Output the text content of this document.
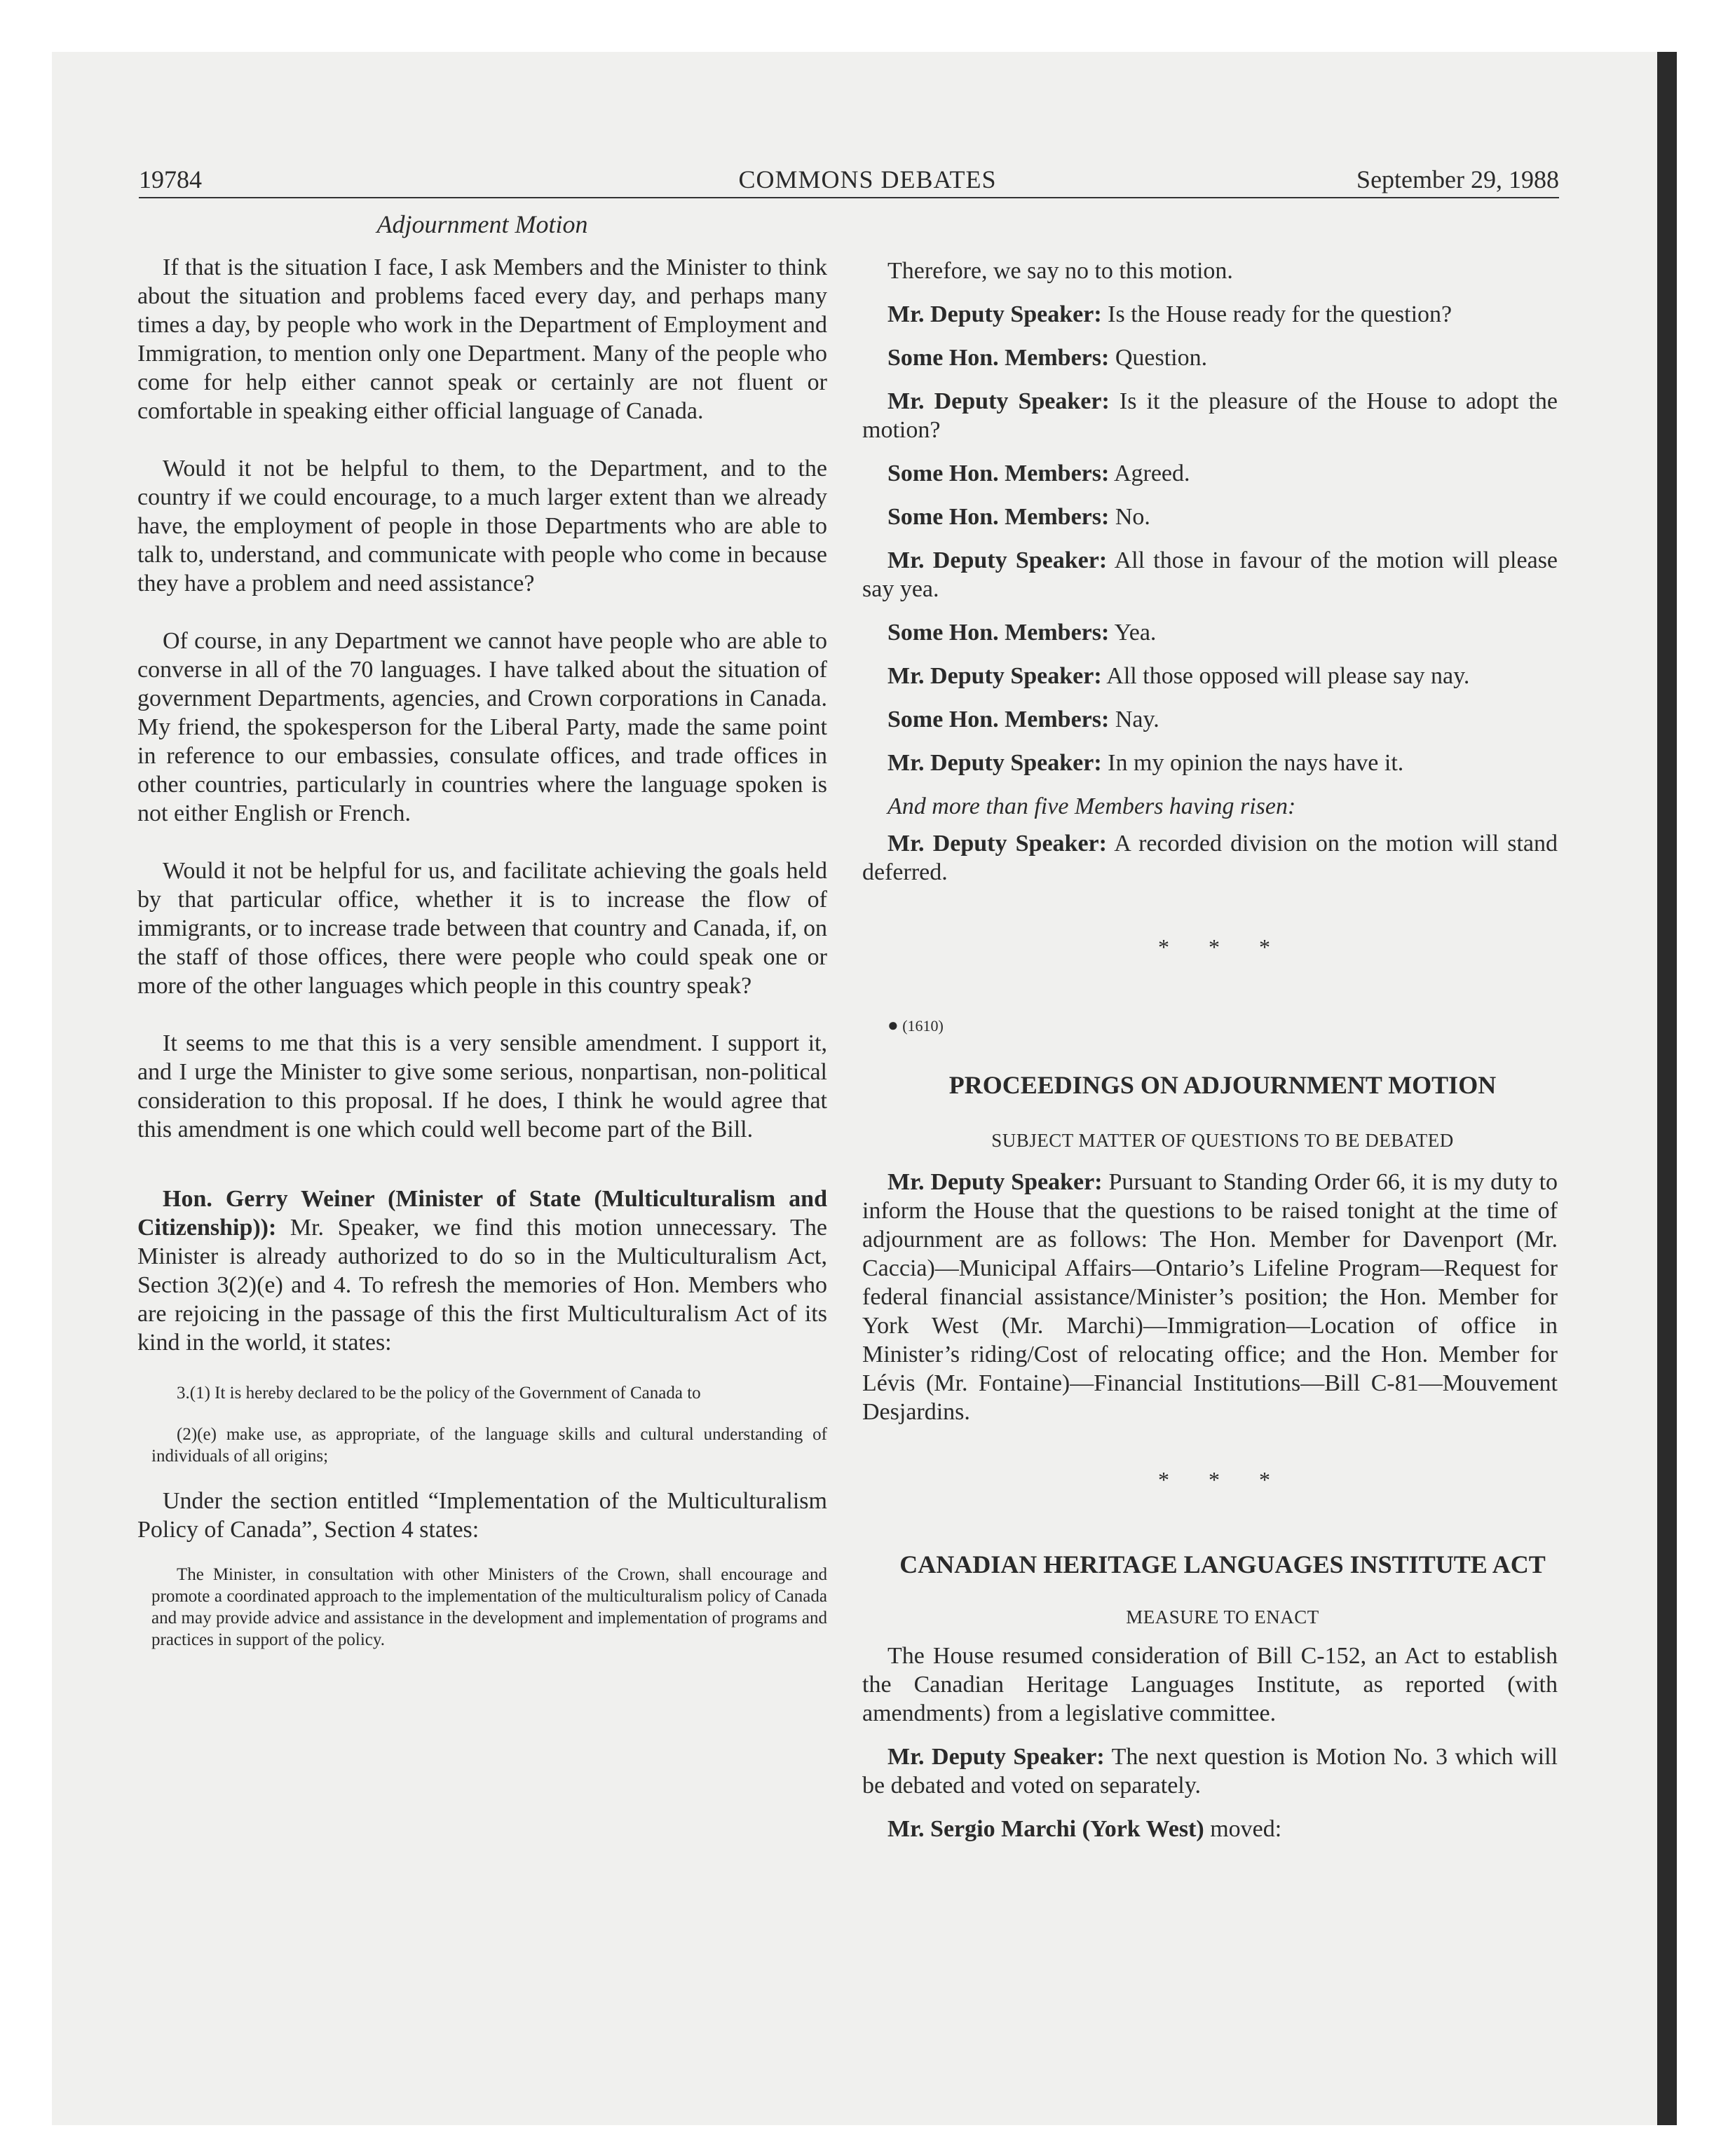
19784	COMMONS DEBATES	September 29, 1988

Adjournment Motion

If that is the situation I face, I ask Members and the Minister to think about the situation and problems faced every day, and perhaps many times a day, by people who work in the Department of Employment and Immigration, to mention only one Department. Many of the people who come for help either cannot speak or certainly are not fluent or comfortable in speaking either official language of Canada.

Would it not be helpful to them, to the Department, and to the country if we could encourage, to a much larger extent than we already have, the employment of people in those Departments who are able to talk to, understand, and communicate with people who come in because they have a problem and need assistance?

Of course, in any Department we cannot have people who are able to converse in all of the 70 languages. I have talked about the situation of government Departments, agencies, and Crown corporations in Canada. My friend, the spokesperson for the Liberal Party, made the same point in reference to our embassies, consulate offices, and trade offices in other countries, particularly in countries where the language spoken is not either English or French.

Would it not be helpful for us, and facilitate achieving the goals held by that particular office, whether it is to increase the flow of immigrants, or to increase trade between that country and Canada, if, on the staff of those offices, there were people who could speak one or more of the other languages which people in this country speak?

It seems to me that this is a very sensible amendment. I support it, and I urge the Minister to give some serious, nonpartisan, non-political consideration to this proposal. If he does, I think he would agree that this amendment is one which could well become part of the Bill.

Hon. Gerry Weiner (Minister of State (Multiculturalism and Citizenship)): Mr. Speaker, we find this motion unnecessary. The Minister is already authorized to do so in the Multiculturalism Act, Section 3(2)(e) and 4. To refresh the memories of Hon. Members who are rejoicing in the passage of this the first Multiculturalism Act of its kind in the world, it states:

3.(1) It is hereby declared to be the policy of the Government of Canada to
(2)(e) make use, as appropriate, of the language skills and cultural understanding of individuals of all origins;

Under the section entitled “Implementation of the Multiculturalism Policy of Canada”, Section 4 states:

The Minister, in consultation with other Ministers of the Crown, shall encourage and promote a coordinated approach to the implementation of the multiculturalism policy of Canada and may provide advice and assistance in the development and implementation of programs and practices in support of the policy.

Therefore, we say no to this motion.

Mr. Deputy Speaker: Is the House ready for the question?

Some Hon. Members: Question.

Mr. Deputy Speaker: Is it the pleasure of the House to adopt the motion?

Some Hon. Members: Agreed.

Some Hon. Members: No.

Mr. Deputy Speaker: All those in favour of the motion will please say yea.

Some Hon. Members: Yea.

Mr. Deputy Speaker: All those opposed will please say nay.

Some Hon. Members: Nay.

Mr. Deputy Speaker: In my opinion the nays have it.

And more than five Members having risen:

Mr. Deputy Speaker: A recorded division on the motion will stand deferred.

* * *

● (1610)

PROCEEDINGS ON ADJOURNMENT MOTION

SUBJECT MATTER OF QUESTIONS TO BE DEBATED

Mr. Deputy Speaker: Pursuant to Standing Order 66, it is my duty to inform the House that the questions to be raised tonight at the time of adjournment are as follows: The Hon. Member for Davenport (Mr. Caccia)—Municipal Affairs—Ontario’s Lifeline Program—Request for federal financial assistance/Minister’s position; the Hon. Member for York West (Mr. Marchi)—Immigration—Location of office in Minister’s riding/Cost of relocating office; and the Hon. Member for Lévis (Mr. Fontaine)—Financial Institutions—Bill C-81—Mouvement Desjardins.

* * *

CANADIAN HERITAGE LANGUAGES INSTITUTE ACT

MEASURE TO ENACT

The House resumed consideration of Bill C-152, an Act to establish the Canadian Heritage Languages Institute, as reported (with amendments) from a legislative committee.

Mr. Deputy Speaker: The next question is Motion No. 3 which will be debated and voted on separately.

Mr. Sergio Marchi (York West) moved:
